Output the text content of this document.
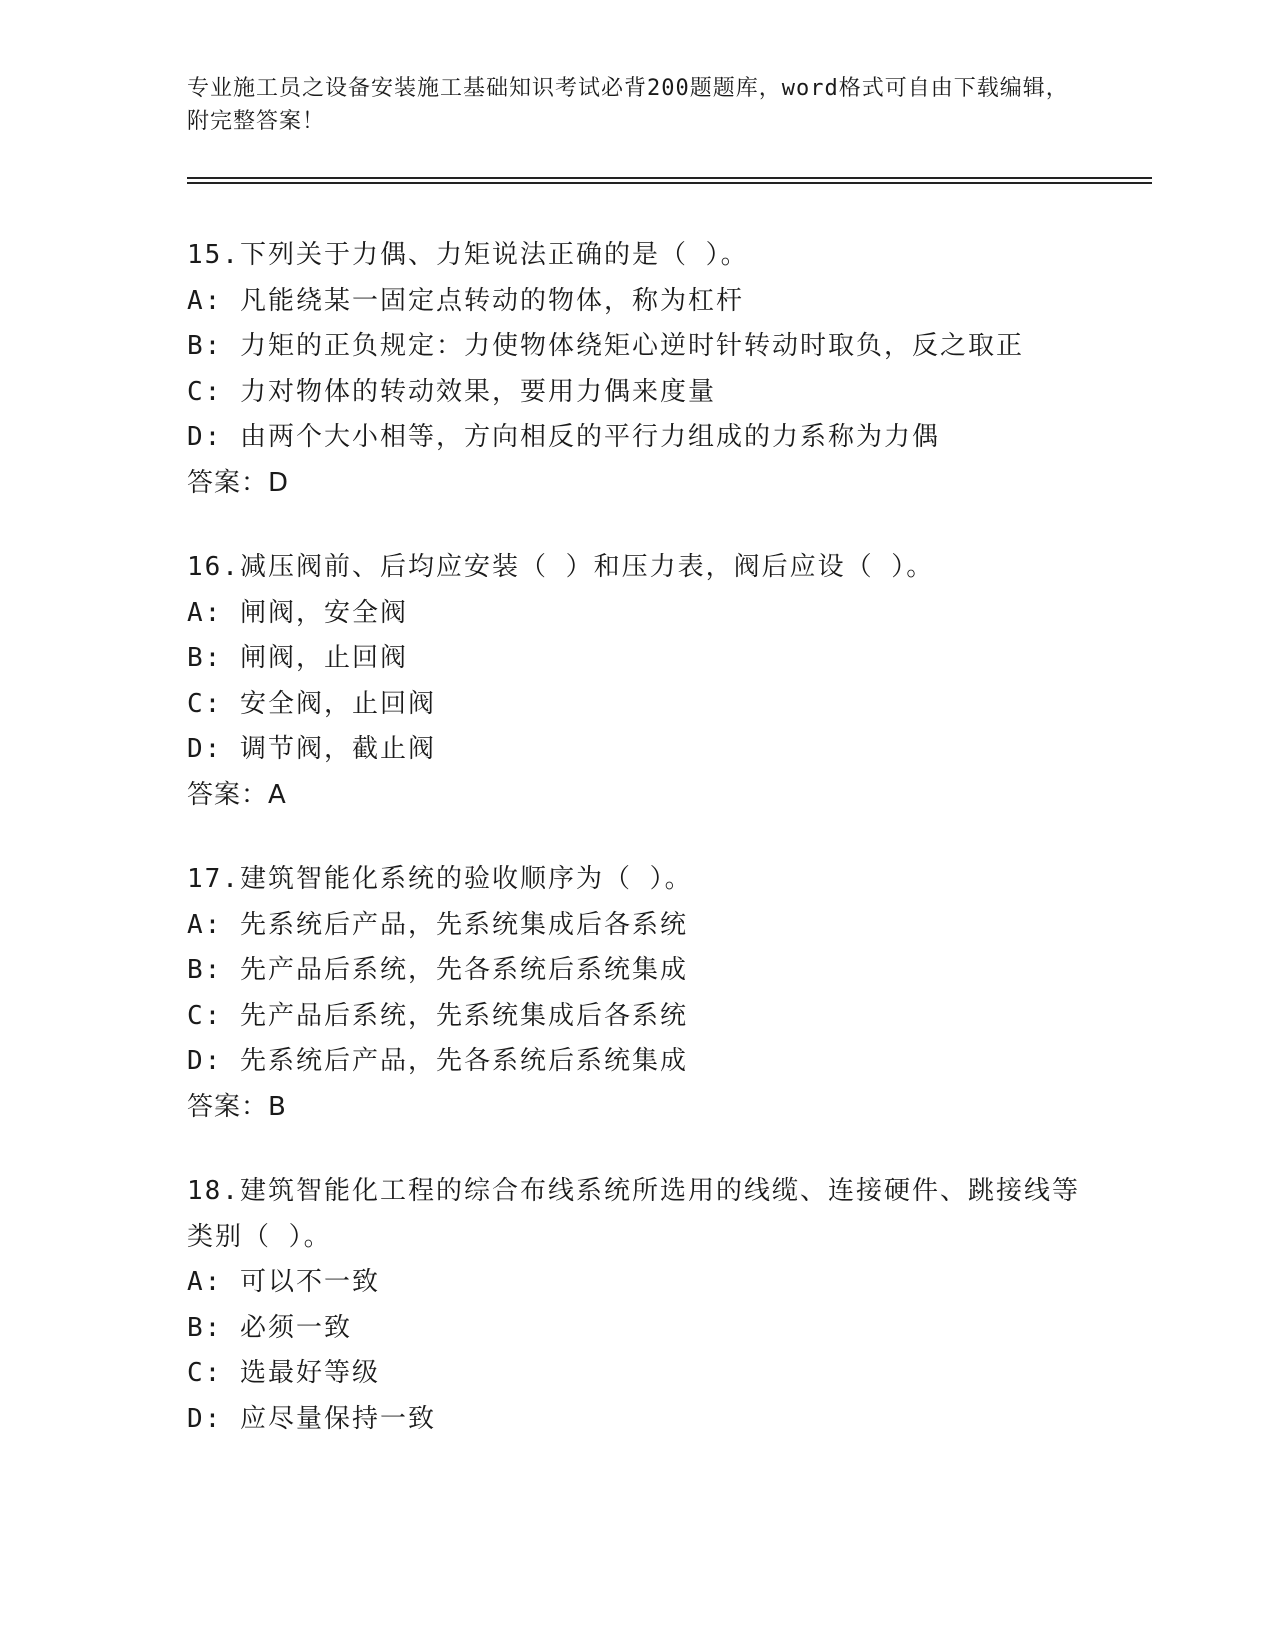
专业施工员之设备安装施工基础知识考试必背200题题库，word格式可自由下载编辑，附完整答案！
15.下列关于力偶、力矩说法正确的是（ ）。
A: 凡能绕某一固定点转动的物体，称为杠杆
B: 力矩的正负规定：力使物体绕矩心逆时针转动时取负，反之取正
C: 力对物体的转动效果，要用力偶来度量
D: 由两个大小相等，方向相反的平行力组成的力系称为力偶
答案：D
16.减压阀前、后均应安装（ ）和压力表，阀后应设（ ）。
A: 闸阀，安全阀
B: 闸阀，止回阀
C: 安全阀，止回阀
D: 调节阀，截止阀
答案：A
17.建筑智能化系统的验收顺序为（ ）。
A: 先系统后产品，先系统集成后各系统
B: 先产品后系统，先各系统后系统集成
C: 先产品后系统，先系统集成后各系统
D: 先系统后产品，先各系统后系统集成
答案：B
18.建筑智能化工程的综合布线系统所选用的线缆、连接硬件、跳接线等类别（ ）。
A: 可以不一致
B: 必须一致
C: 选最好等级
D: 应尽量保持一致
